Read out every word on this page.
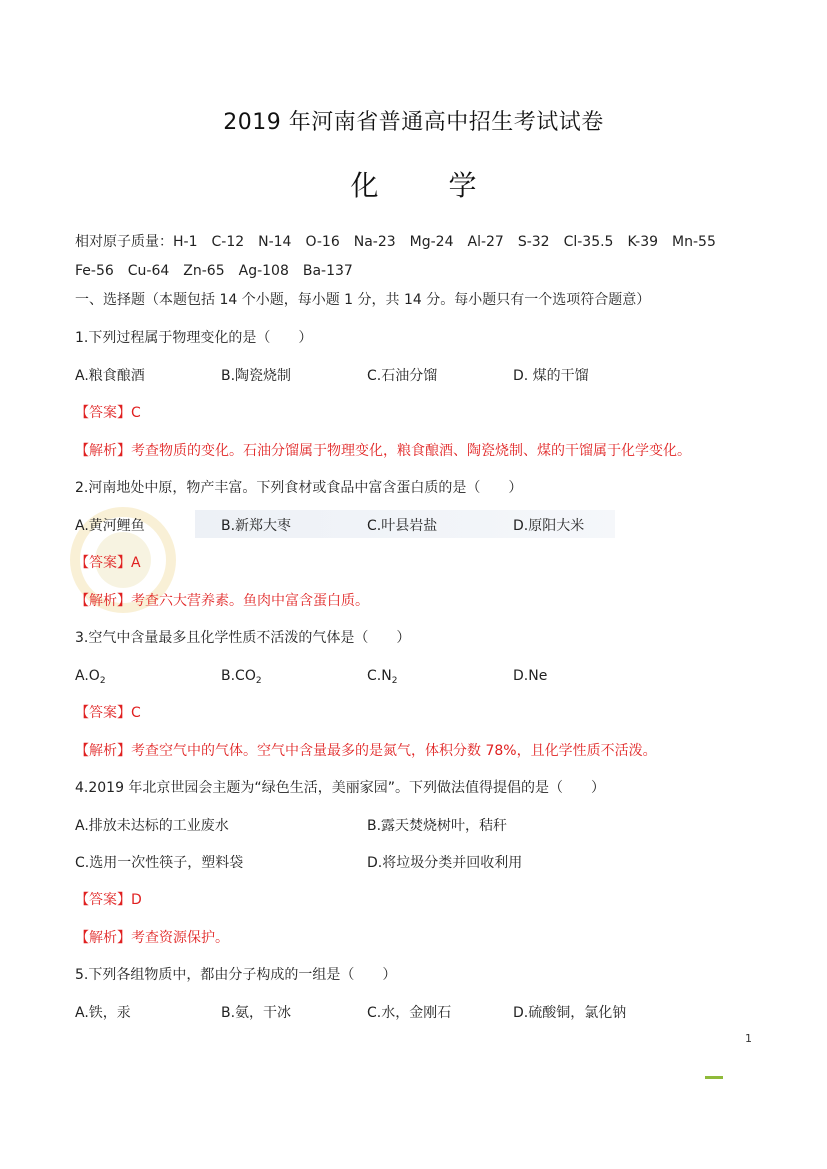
2019 年河南省普通高中招生考试试卷
化	学
相对原子质量：H-1　C-12　N-14　O-16　Na-23　Mg-24　Al-27　S-32　Cl-35.5　K-39　Mn-55
Fe-56　Cu-64　Zn-65　Ag-108　Ba-137
一、选择题（本题包括 14 个小题，每小题 1 分，共 14 分。每小题只有一个选项符合题意）
1.下列过程属于物理变化的是（　　）
A.粮食酿酒	B.陶瓷烧制	C.石油分馏	D. 煤的干馏
【答案】C
【解析】考查物质的变化。石油分馏属于物理变化，粮食酿酒、陶瓷烧制、煤的干馏属于化学变化。
2.河南地处中原，物产丰富。下列食材或食品中富含蛋白质的是（　　）
A.黄河鲤鱼	B.新郑大枣	C.叶县岩盐	D.原阳大米
【答案】A
【解析】考查六大营养素。鱼肉中富含蛋白质。
3.空气中含量最多且化学性质不活泼的气体是（　　）
$A.O_2$	$B.CO_2$	$C.N_2$	D.Ne
【答案】C
【解析】考查空气中的气体。空气中含量最多的是氮气，体积分数 78%，且化学性质不活泼。
4.2019 年北京世园会主题为“绿色生活，美丽家园”。下列做法值得提倡的是（　　）
A.排放未达标的工业废水	B.露天焚烧树叶，秸秆
C.选用一次性筷子，塑料袋	D.将垃圾分类并回收利用
【答案】D
【解析】考查资源保护。
5.下列各组物质中，都由分子构成的一组是（　　）
A.铁，汞	B.氨，干冰	C.水，金刚石	D.硫酸铜，氯化钠
1
